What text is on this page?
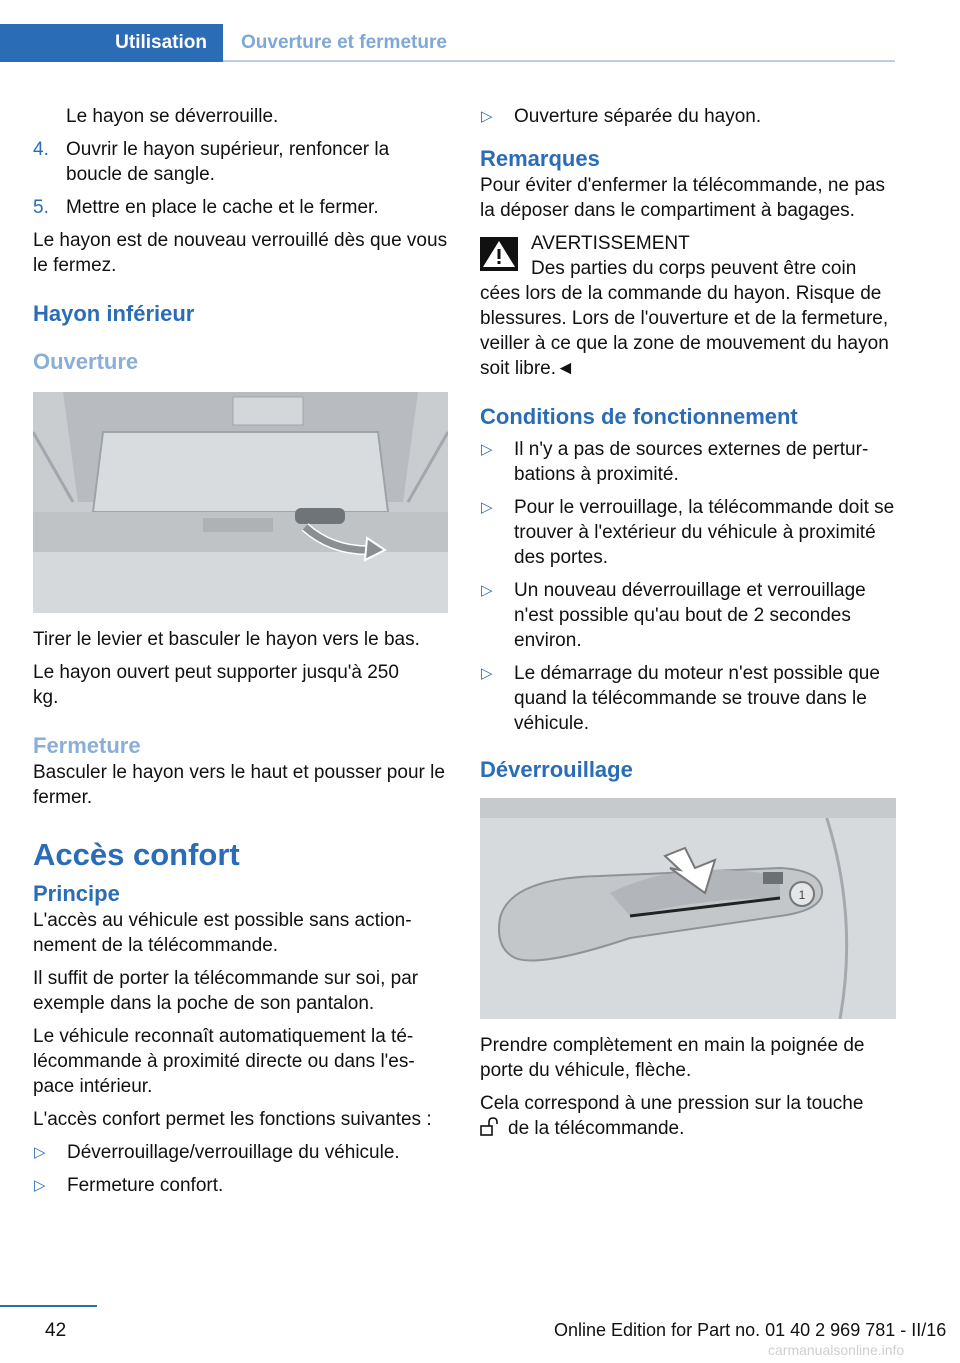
Utilisation	Ouverture et fermeture

Le hayon se déverrouille.

4. Ouvrir le hayon supérieur, renfoncer la boucle de sangle.
5. Mettre en place le cache et le fermer.

Le hayon est de nouveau verrouillé dès que vous le fermez.

Hayon inférieur
Ouverture

Tirer le levier et basculer le hayon vers le bas.

Le hayon ouvert peut supporter jusqu'à 250 kg.

Fermeture

Basculer le hayon vers le haut et pousser pour le fermer.

Accès confort
Principe

L'accès au véhicule est possible sans actionnement de la télécommande.

Il suffit de porter la télécommande sur soi, par exemple dans la poche de son pantalon.

Le véhicule reconnaît automatiquement la télécommande à proximité directe ou dans l'espace intérieur.

L'accès confort permet les fonctions suivantes :

▷	Déverrouillage/verrouillage du véhicule.
▷	Fermeture confort.
▷	Ouverture séparée du hayon.
Remarques

Pour éviter d'enfermer la télécommande, ne pas la déposer dans le compartiment à bagages.

AVERTISSEMENT
Des parties du corps peuvent être coin

cées lors de la commande du hayon. Risque de blessures. Lors de l'ouverture et de la fermeture, veiller à ce que la zone de mouvement du hayon soit libre.◄

Conditions de fonctionnement
▷	Il n'y a pas de sources externes de perturbations à proximité.
▷	Pour le verrouillage, la télécommande doit se trouver à l'extérieur du véhicule à proximité des portes.
▷	Un nouveau déverrouillage et verrouillage n'est possible qu'au bout de 2 secondes environ.
▷	Le démarrage du moteur n'est possible que quand la télécommande se trouve dans le véhicule.
Déverrouillage
1

Prendre complètement en main la poignée de porte du véhicule, flèche.

Cela correspond à une pression sur la touche

de la télécommande.

42	Online Edition for Part no. 01 40 2 969 781 - II/16
carmanualsonline.info
